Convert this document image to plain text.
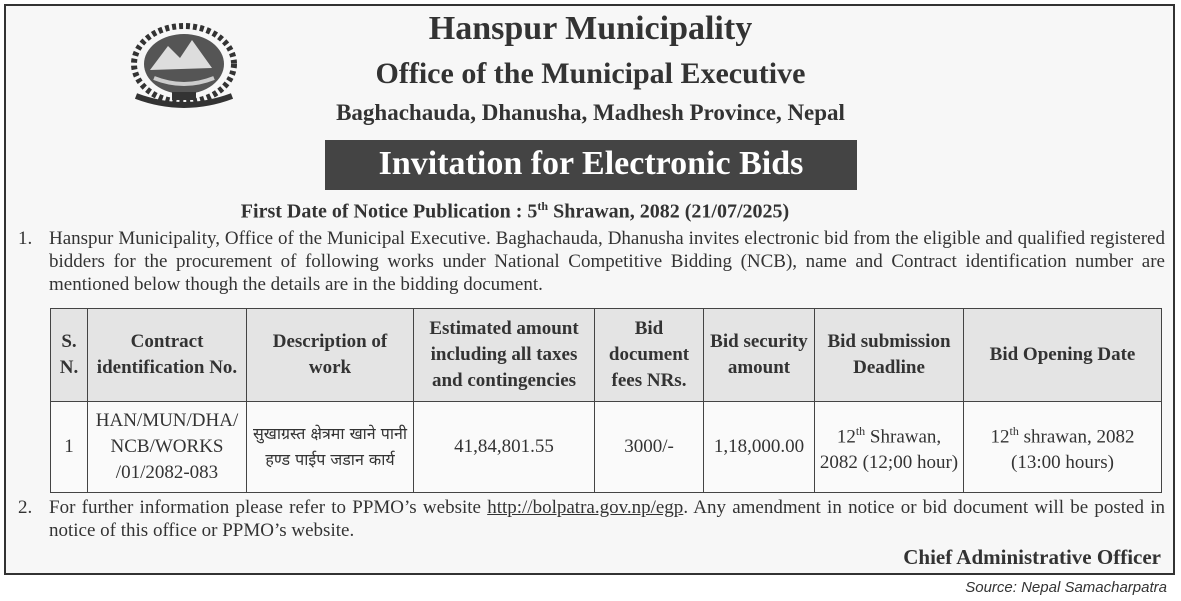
Hanspur Municipality
Office of the Municipal Executive
Baghachauda, Dhanusha, Madhesh Province, Nepal
Invitation for Electronic Bids
First Date of Notice Publication : 5th Shrawan, 2082 (21/07/2025)
1. Hanspur Municipality, Office of the Municipal Executive. Baghachauda, Dhanusha invites electronic bid from the eligible and qualified registered bidders for the procurement of following works under National Competitive Bidding (NCB), name and Contract identification number are mentioned below though the details are in the bidding document.
S. N.	Contract identification No.	Description of work	Estimated amount including all taxes and contingencies	Bid document fees NRs.	Bid security amount	Bid submission Deadline	Bid Opening Date
1	HAN/MUN/DHA/ NCB/WORKS /01/2082-083	सुखाग्रस्त क्षेत्रमा खाने पानी हण्ड पाईप जडान कार्य	41,84,801.55	3000/-	1,18,000.00	12th Shrawan, 2082 (12;00 hour)	12th shrawan, 2082 (13:00 hours)
2. For further information please refer to PPMO’s website http://bolpatra.gov.np/egp. Any amendment in notice or bid document will be posted in notice of this office or PPMO’s website.
Chief Administrative Officer
Source: Nepal Samacharpatra
